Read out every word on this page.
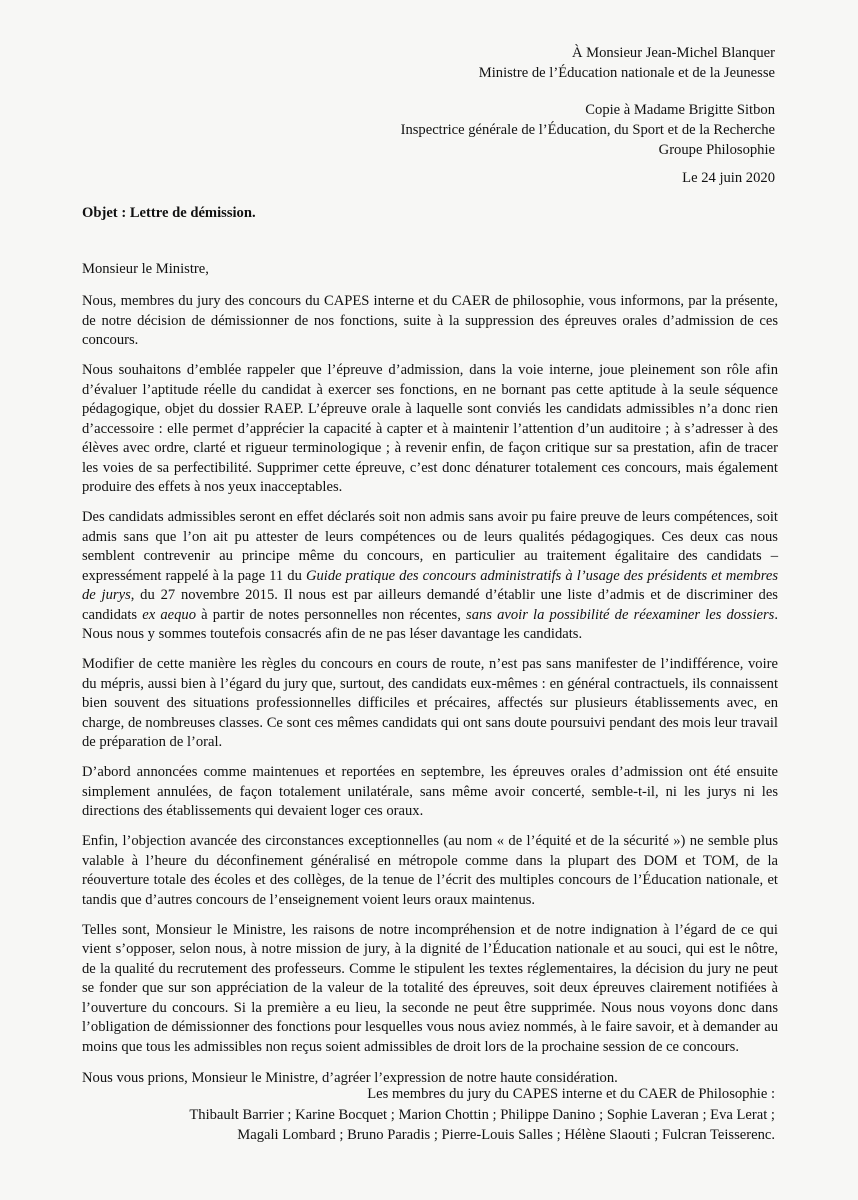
À Monsieur Jean-Michel Blanquer
Ministre de l’Éducation nationale et de la Jeunesse
Copie à Madame Brigitte Sitbon
Inspectrice générale de l’Éducation, du Sport et de la Recherche
Groupe Philosophie
Le 24 juin 2020
Objet : Lettre de démission.
Monsieur le Ministre,

Nous, membres du jury des concours du CAPES interne et du CAER de philosophie, vous informons, par la présente, de notre décision de démissionner de nos fonctions, suite à la suppression des épreuves orales d’admission de ces concours.

Nous souhaitons d’emblée rappeler que l’épreuve d’admission, dans la voie interne, joue pleinement son rôle afin d’évaluer l’aptitude réelle du candidat à exercer ses fonctions, en ne bornant pas cette aptitude à la seule séquence pédagogique, objet du dossier RAEP. L’épreuve orale à laquelle sont conviés les candidats admissibles n’a donc rien d’accessoire : elle permet d’apprécier la capacité à capter et à maintenir l’attention d’un auditoire ; à s’adresser à des élèves avec ordre, clarté et rigueur terminologique ; à revenir enfin, de façon critique sur sa prestation, afin de tracer les voies de sa perfectibilité. Supprimer cette épreuve, c’est donc dénaturer totalement ces concours, mais également produire des effets à nos yeux inacceptables.

Des candidats admissibles seront en effet déclarés soit non admis sans avoir pu faire preuve de leurs compétences, soit admis sans que l’on ait pu attester de leurs compétences ou de leurs qualités pédagogiques. Ces deux cas nous semblent contrevenir au principe même du concours, en particulier au traitement égalitaire des candidats – expressément rappelé à la page 11 du Guide pratique des concours administratifs à l’usage des présidents et membres de jurys, du 27 novembre 2015. Il nous est par ailleurs demandé d’établir une liste d’admis et de discriminer des candidats ex aequo à partir de notes personnelles non récentes, sans avoir la possibilité de réexaminer les dossiers. Nous nous y sommes toutefois consacrés afin de ne pas léser davantage les candidats.

Modifier de cette manière les règles du concours en cours de route, n’est pas sans manifester de l’indifférence, voire du mépris, aussi bien à l’égard du jury que, surtout, des candidats eux-mêmes : en général contractuels, ils connaissent bien souvent des situations professionnelles difficiles et précaires, affectés sur plusieurs établissements avec, en charge, de nombreuses classes. Ce sont ces mêmes candidats qui ont sans doute poursuivi pendant des mois leur travail de préparation de l’oral.

D’abord annoncées comme maintenues et reportées en septembre, les épreuves orales d’admission ont été ensuite simplement annulées, de façon totalement unilatérale, sans même avoir concerté, semble-t-il, ni les jurys ni les directions des établissements qui devaient loger ces oraux.

Enfin, l’objection avancée des circonstances exceptionnelles (au nom « de l’équité et de la sécurité ») ne semble plus valable à l’heure du déconfinement généralisé en métropole comme dans la plupart des DOM et TOM, de la réouverture totale des écoles et des collèges, de la tenue de l’écrit des multiples concours de l’Éducation nationale, et tandis que d’autres concours de l’enseignement voient leurs oraux maintenus.

Telles sont, Monsieur le Ministre, les raisons de notre incompréhension et de notre indignation à l’égard de ce qui vient s’opposer, selon nous, à notre mission de jury, à la dignité de l’Éducation nationale et au souci, qui est le nôtre, de la qualité du recrutement des professeurs. Comme le stipulent les textes réglementaires, la décision du jury ne peut se fonder que sur son appréciation de la valeur de la totalité des épreuves, soit deux épreuves clairement notifiées à l’ouverture du concours. Si la première a eu lieu, la seconde ne peut être supprimée. Nous nous voyons donc dans l’obligation de démissionner des fonctions pour lesquelles vous nous aviez nommés, à le faire savoir, et à demander au moins que tous les admissibles non reçus soient admissibles de droit lors de la prochaine session de ce concours.

Nous vous prions, Monsieur le Ministre, d’agréer l’expression de notre haute considération.

Les membres du jury du CAPES interne et du CAER de Philosophie :
Thibault Barrier ; Karine Bocquet ; Marion Chottin ; Philippe Danino ; Sophie Laveran ; Eva Lerat ;
Magali Lombard ; Bruno Paradis ; Pierre-Louis Salles ; Hélène Slaouti ; Fulcran Teisserenc.
